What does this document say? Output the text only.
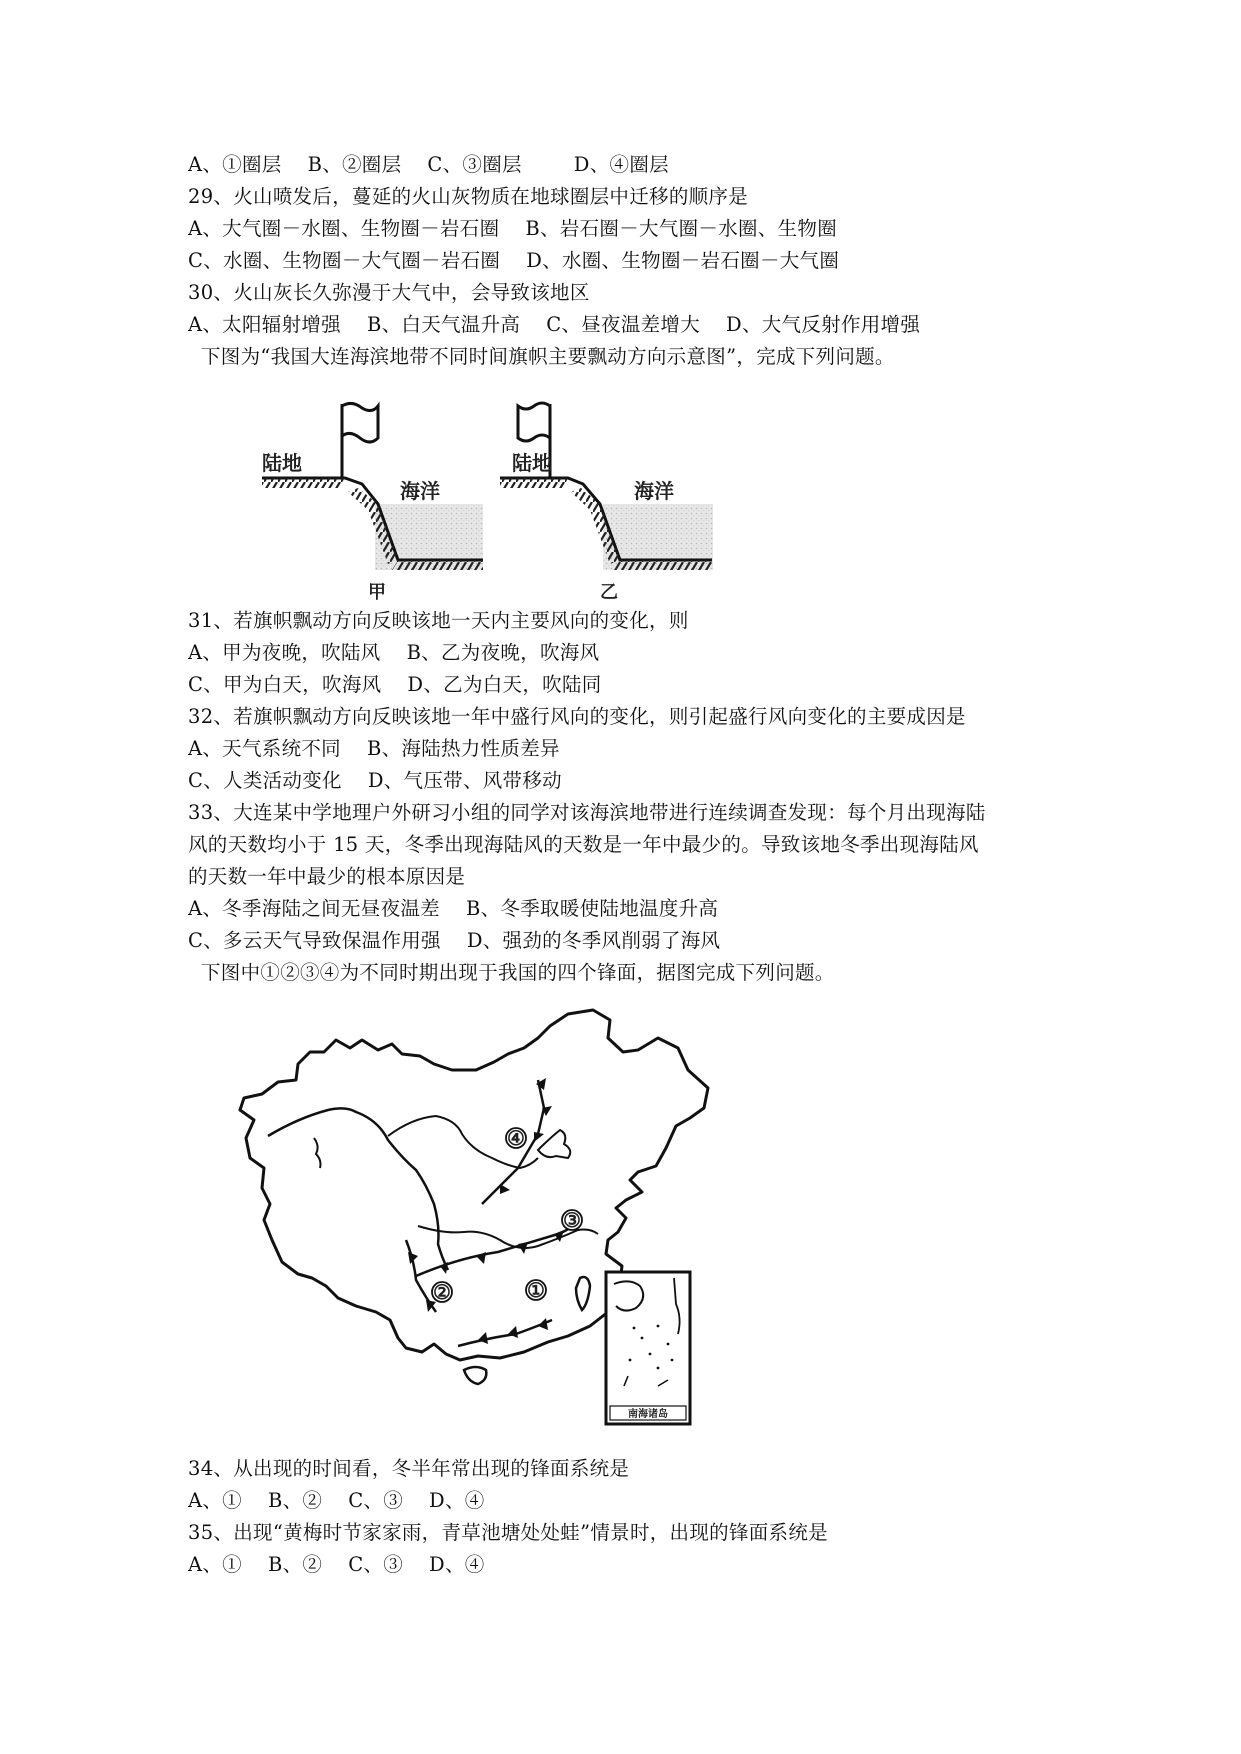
A、①圈层    B、②圈层    C、③圈层        D、④圈层
29、火山喷发后，蔓延的火山灰物质在地球圈层中迁移的顺序是
A、大气圈－水圈、生物圈－岩石圈    B、岩石圈－大气圈－水圈、生物圈
C、水圈、生物圈－大气圈－岩石圈    D、水圈、生物圈－岩石圈－大气圈
30、火山灰长久弥漫于大气中，会导致该地区
A、太阳辐射增强    B、白天气温升高    C、昼夜温差增大    D、大气反射作用增强
下图为“我国大连海滨地带不同时间旗帜主要飘动方向示意图”，完成下列问题。
陆地
海洋
甲
陆地
海洋
乙
31、若旗帜飘动方向反映该地一天内主要风向的变化，则
A、甲为夜晚，吹陆风    B、乙为夜晚，吹海风
C、甲为白天，吹海风    D、乙为白天，吹陆同
32、若旗帜飘动方向反映该地一年中盛行风向的变化，则引起盛行风向变化的主要成因是
A、天气系统不同    B、海陆热力性质差异
C、人类活动变化    D、气压带、风带移动
33、大连某中学地理户外研习小组的同学对该海滨地带进行连续调查发现：每个月出现海陆
风的天数均小于 15 天，冬季出现海陆风的天数是一年中最少的。导致该地冬季出现海陆风
的天数一年中最少的根本原因是
A、冬季海陆之间无昼夜温差    B、冬季取暖使陆地温度升高
C、多云天气导致保温作用强    D、强劲的冬季风削弱了海风
下图中①②③④为不同时期出现于我国的四个锋面，据图完成下列问题。
④
③
②	①
南海诸岛
34、从出现的时间看，冬半年常出现的锋面系统是
A、①    B、②    C、③    D、④
35、出现“黄梅时节家家雨，青草池塘处处蛙”情景时，出现的锋面系统是
A、①    B、②    C、③    D、④
